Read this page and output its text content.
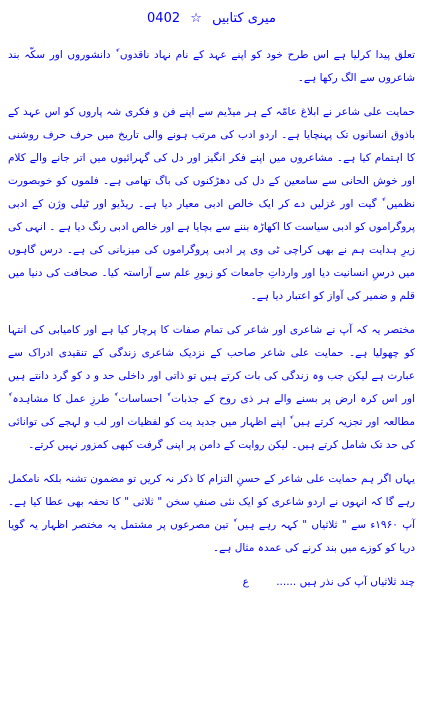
میری کتابیں ☆ 0402

تعلق پیدا کرلیا ہے اس طرح خود کو اپنے عہد کے نام نہاد ناقدوں ٗ دانشوروں اور سکّہ بند شاعروں سے الگ رکھا ہے۔

حمایت علی شاعر نے ابلاغ عامّہ کے ہر میڈیم سے اپنے فن و فکری شہ پاروں کو اس عہد کے باذوق انسانوں تک پہنچایا ہے۔ اردو ادب کی مرتب ہونے والی تاریخ میں حرف حرف روشنی کا اہتمام کیا ہے۔ مشاعروں میں اپنے فکر انگیز اور دل کی گہرائیوں میں اتر جانے والے کلام اور خوش الحانی سے سامعین کے دل کی دھڑکنوں کی باگ تھامی ہے۔ فلموں کو خوبصورت نظمیں ٗ گیت اور غزلیں دے کر ایک خالص ادبی معیار دیا ہے۔ ریڈیو اور ٹیلی وژن کے ادبی پروگراموں کو ادبی سیاست کا اکھاڑہ بننے سے بچایا ہے اور خالص ادبی رنگ دیا ہے ۔ انہی کی زیرِ ہدایت ہم نے بھی کراچی ٹی وی پر ادبی پروگراموں کی میزبانی کی ہے۔ درس گاہوں میں درسِ انسانیت دیا اور وارداتِ جامعات کو زیورِ علم سے آراستہ کیا۔ صحافت کی دنیا میں قلم و ضمیر کی آواز کو اعتبار دیا ہے۔

مختصر یہ کہ آپ نے شاعری اور شاعر کی تمام صفات کا پرچار کیا ہے اور کامیابی کی انتہا کو چھولیا ہے۔ حمایت علی شاعر صاحب کے نزدیک شاعری زندگی کے تنقیدی ادراک سے عبارت ہے لیکن جب وہ زندگی کی بات کرتے ہیں تو ذاتی اور داخلی حد و د کو گرد دانتے ہیں اور اس کرہ ارض پر بسنے والے ہر ذی روح کے جذبات ٗ احساسات ٗ طرزِ عمل کا مشاہدہ ٗ مطالعہ اور تجزیہ کرتے ہیں ٗ اپنے اظہار میں جدید یت کو لفظیات اور لب و لہجے کی توانائی کی حد تک شامل کرتے ہیں۔ لیکن روایت کے دامن پر اپنی گرفت کبھی کمزور نہیں کرتے۔

یہاں اگر ہم حمایت علی شاعر کے حسنِ التزام کا ذکر نہ کریں تو مضمون تشنہ بلکہ نامکمل رہے گا کہ انہوں نے اردو شاعری کو ایک نئی صنفِ سخن " ثلاثی " کا تحفہ بھی عطا کیا ہے۔ آپ ۱۹۶۰ء سے " ثلاثیاں " کہہ رہے ہیں ٗ تین مصرعوں پر مشتمل یہ مختصر اظہار یہ گویا دریا کو کوزے میں بند کرنے کی عمدہ مثال ہے۔

چند ثلاثیاں آپ کی نذر ہیں ...... ع
